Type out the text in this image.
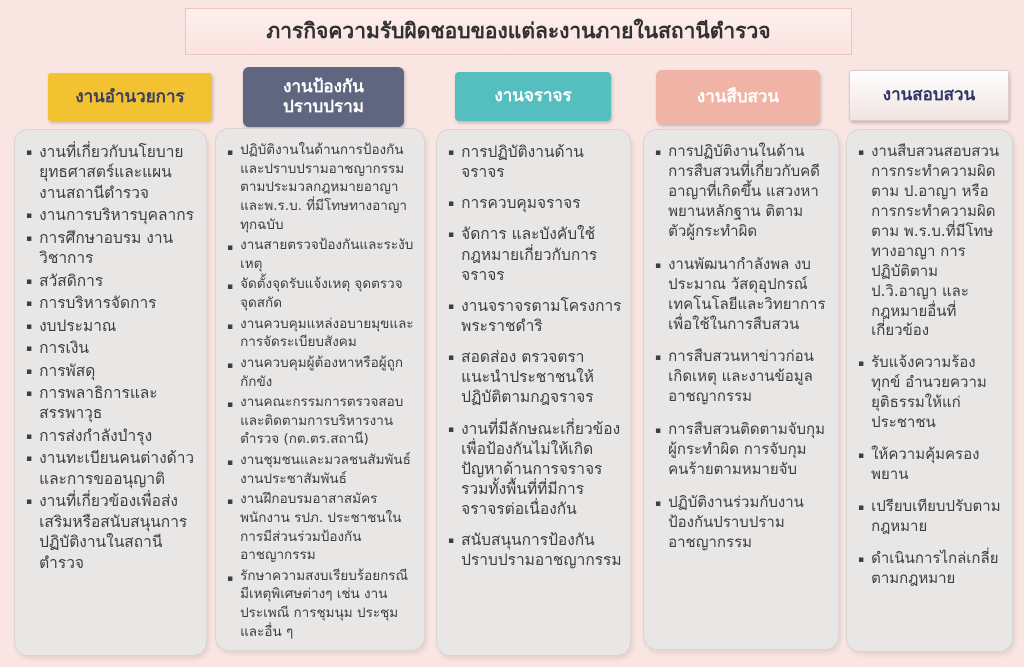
ภารกิจความรับผิดชอบของแต่ละงานภายในสถานีตำรวจ
งานอำนวยการ
งานป้องกัน
ปราบปราม
งานจราจร	งานสืบสวน	งานสอบสวน
▪ งานที่เกี่ยวกับนโยบาย ยุทธศาสตร์และแผนงานสถานีตำรวจ
▪ งานการบริหารบุคลากร
▪ การศึกษาอบรม งานวิชาการ
▪ สวัสดิการ
▪ การบริหารจัดการ
▪ งบประมาณ
▪ การเงิน
▪ การพัสดุ
▪ การพลาธิการและสรรพาวุธ
▪ การส่งกำลังบำรุง
▪ งานทะเบียนคนต่างด้าวและการขออนุญาติ
▪ งานที่เกี่ยวข้องเพื่อส่งเสริมหรือสนับสนุนการปฏิบัติงานในสถานีตำรวจ
▪ ปฏิบัติงานในด้านการป้องกันและปราบปรามอาชญากรรมตามประมวลกฎหมายอาญาและพ.ร.บ. ที่มีโทษทางอาญาทุกฉบับ
▪ งานสายตรวจป้องกันและระงับเหตุ
▪ จัดตั้งจุดรับแจ้งเหตุ จุดตรวจ จุดสกัด
▪ งานควบคุมแหล่งอบายมุขและการจัดระเบียบสังคม
▪ งานควบคุมผู้ต้องหาหรือผู้ถูกกักขัง
▪ งานคณะกรรมการตรวจสอบและติดตามการบริหารงานตำรวจ (กต.ตร.สถานี)
▪ งานชุมชนและมวลชนสัมพันธ์ งานประชาสัมพันธ์
▪ งานฝึกอบรมอาสาสมัคร พนักงาน รปภ. ประชาชนในการมีส่วนร่วมป้องกันอาชญากรรม
▪ รักษาความสงบเรียบร้อยกรณีมีเหตุพิเศษต่างๆ เช่น งานประเพณี การชุมนุม ประชุม และอื่น ๆ
▪ การปฏิบัติงานด้านจราจร
▪ การควบคุมจราจร
▪ จัดการ และบังคับใช้กฎหมายเกี่ยวกับการจราจร
▪ งานจราจรตามโครงการพระราชดำริ
▪ สอดส่อง ตรวจตรา แนะนำประชาชนให้ปฏิบัติตามกฎจราจร
▪ งานที่มีลักษณะเกี่ยวข้อง เพื่อป้องกันไม่ให้เกิดปัญหาด้านการจราจร รวมทั้งพื้นที่ที่มีการจราจรต่อเนื่องกัน
▪ สนับสนุนการป้องกันปราบปรามอาชญากรรม
▪ การปฏิบัติงานในด้านการสืบสวนที่เกี่ยวกับคดีอาญาที่เกิดขึ้น แสวงหาพยานหลักฐาน ติตามตัวผู้กระทำผิด
▪ งานพัฒนากำลังพล งบประมาณ วัสดุอุปกรณ์ เทคโนโลยีและวิทยาการ เพื่อใช้ในการสืบสวน
▪ การสืบสวนหาข่าวก่อนเกิดเหตุ และงานข้อมูลอาชญากรรม
▪ การสืบสวนติดตามจับกุมผู้กระทำผิด การจับกุมคนร้ายตามหมายจับ
▪ ปฏิบัติงานร่วมกับงานป้องกันปราบปรามอาชญากรรม
▪ งานสืบสวนสอบสวนการกระทำความผิดตาม ป.อาญา หรือการกระทำความผิดตาม พ.ร.บ.ที่มีโทษทางอาญา การปฏิบัติตาม ป.วิ.อาญา และกฎหมายอื่นที่เกี่ยวข้อง
▪ รับแจ้งความร้องทุกข์ อำนวยความยุติธรรมให้แก่ประชาชน
▪ ให้ความคุ้มครองพยาน
▪ เปรียบเทียบปรับตามกฎหมาย
▪ ดำเนินการไกล่เกลี่ยตามกฎหมาย
